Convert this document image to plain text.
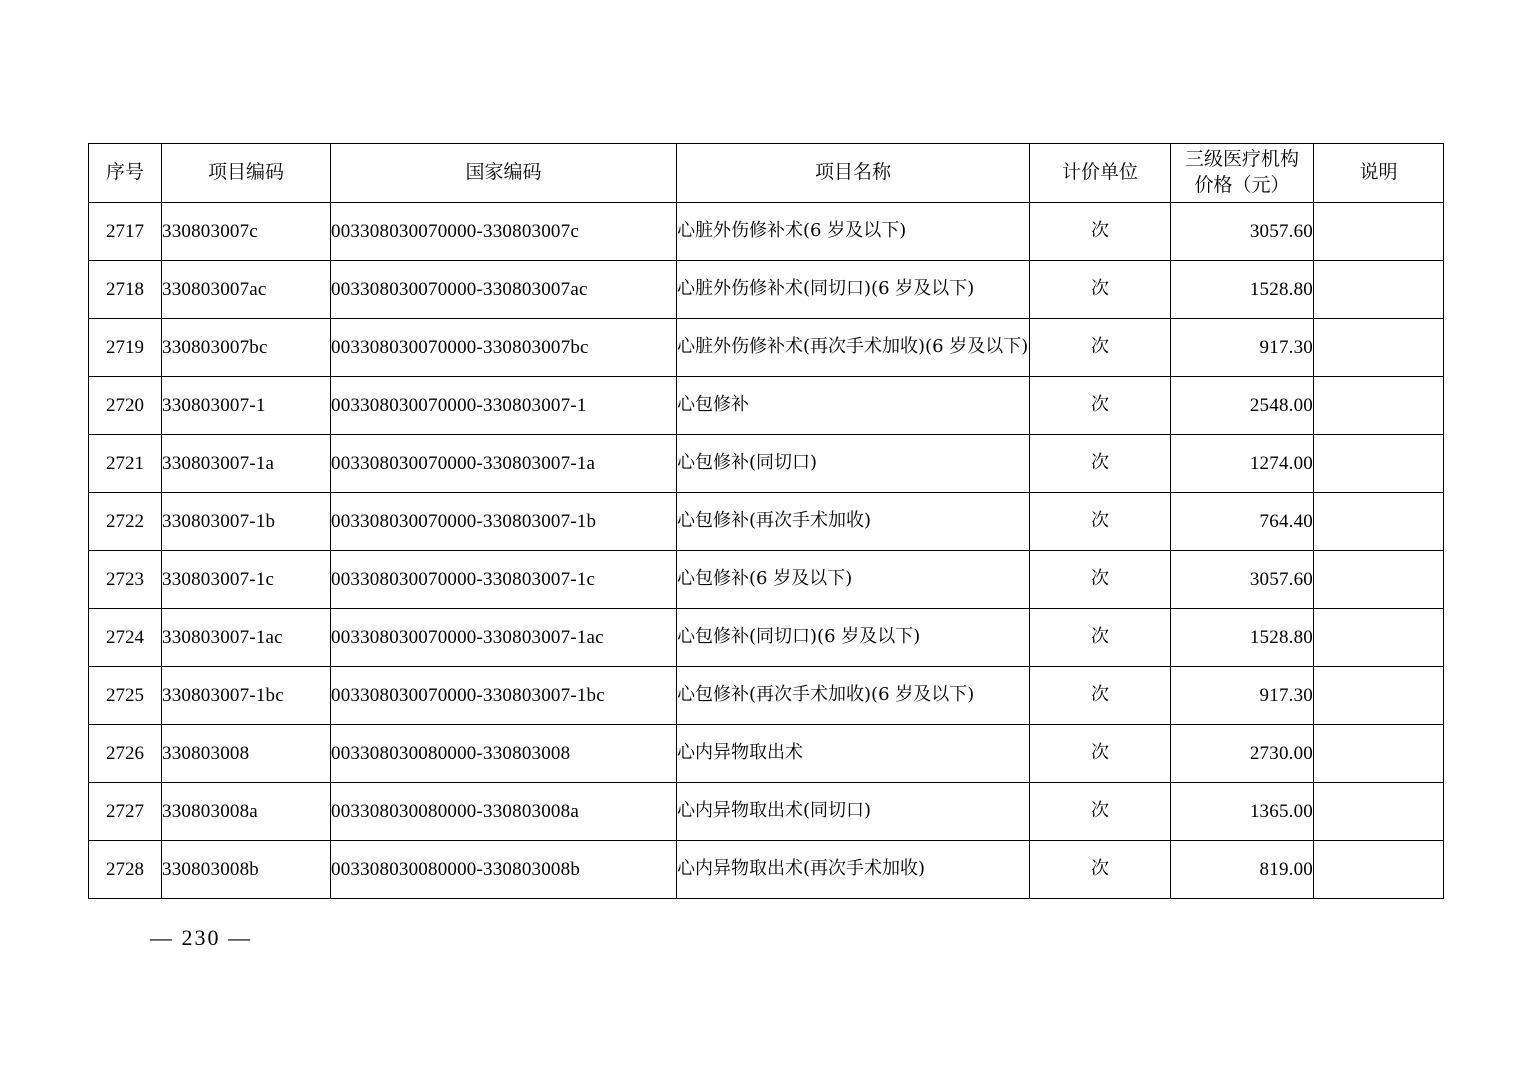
序号	项目编码	国家编码	项目名称	计价单位	三级医疗机构
价格（元）	说明
2717	330803007c	003308030070000-330803007c	心脏外伤修补术(6 岁及以下)	次	3057.60	
2718	330803007ac	003308030070000-330803007ac	心脏外伤修补术(同切口)(6 岁及以下)	次	1528.80	
2719	330803007bc	003308030070000-330803007bc	心脏外伤修补术(再次手术加收)(6 岁及以下)	次	917.30	
2720	330803007-1	003308030070000-330803007-1	心包修补	次	2548.00	
2721	330803007-1a	003308030070000-330803007-1a	心包修补(同切口)	次	1274.00	
2722	330803007-1b	003308030070000-330803007-1b	心包修补(再次手术加收)	次	764.40	
2723	330803007-1c	003308030070000-330803007-1c	心包修补(6 岁及以下)	次	3057.60	
2724	330803007-1ac	003308030070000-330803007-1ac	心包修补(同切口)(6 岁及以下)	次	1528.80	
2725	330803007-1bc	003308030070000-330803007-1bc	心包修补(再次手术加收)(6 岁及以下)	次	917.30	
2726	330803008	003308030080000-330803008	心内异物取出术	次	2730.00	
2727	330803008a	003308030080000-330803008a	心内异物取出术(同切口)	次	1365.00	
2728	330803008b	003308030080000-330803008b	心内异物取出术(再次手术加收)	次	819.00	
— 230 —
